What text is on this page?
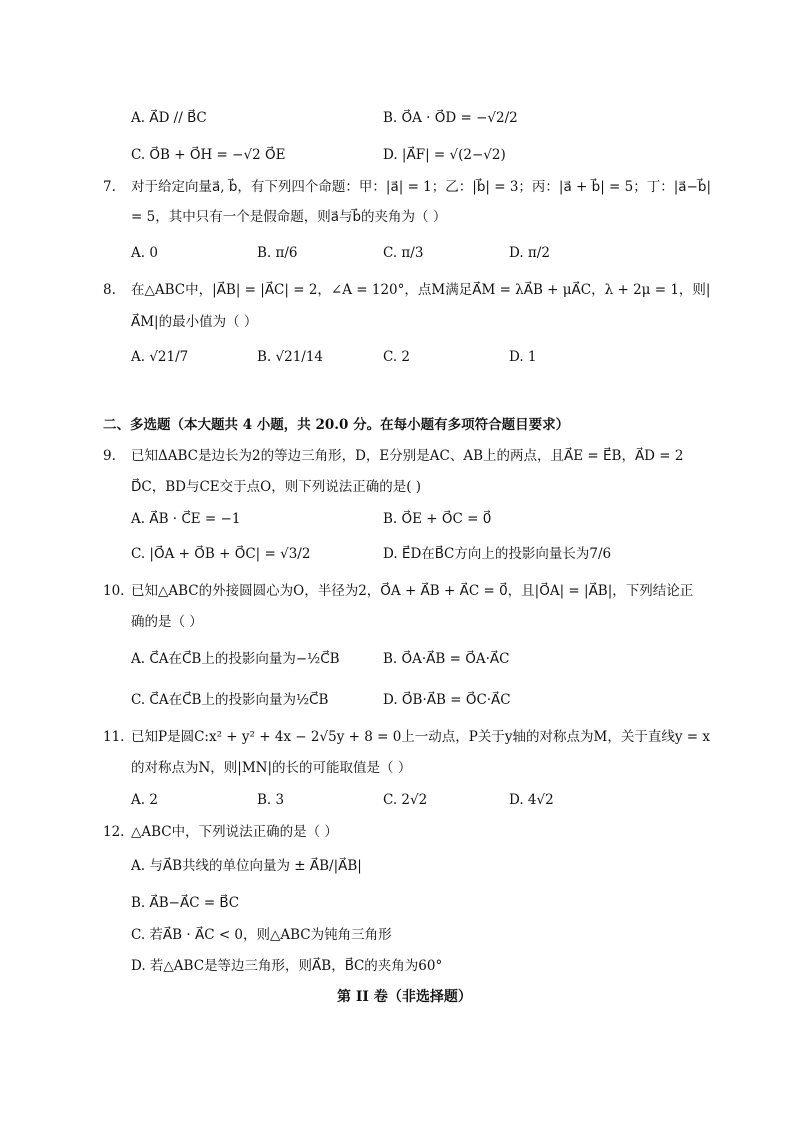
A. A⃗D // B⃗C	B. O⃗A · O⃗D = −√2/2
C. O⃗B + O⃗H = −√2 O⃗E	D. |A⃗F| = √(2−√2)
7. 对于给定向量a⃗, b⃗，有下列四个命题：甲：|a⃗| = 1；乙：|b⃗| = 3；丙：|a⃗ + b⃗| = 5；丁：|a⃗−b⃗|
= 5，其中只有一个是假命题，则a⃗与b⃗的夹角为（ ）
A. 0	B. π/6	C. π/3	D. π/2
8. 在△ABC中，|A⃗B| = |A⃗C| = 2，∠A = 120°，点M满足A⃗M = λA⃗B + μA⃗C，λ + 2μ = 1，则|
A⃗M|的最小值为（ ）
A. √21/7	B. √21/14	C. 2	D. 1
二、多选题（本大题共 4 小题，共 20.0 分。在每小题有多项符合题目要求）
9. 已知ΔABC是边长为2的等边三角形，D，E分别是AC、AB上的两点，且A⃗E = E⃗B，A⃗D = 2
D⃗C，BD与CE交于点O，则下列说法正确的是( )
A. A⃗B · C⃗E = −1	B. O⃗E + O⃗C = 0⃗
C. |O⃗A + O⃗B + O⃗C| = √3/2	D. E⃗D在B⃗C方向上的投影向量长为7/6
10. 已知△ABC的外接圆圆心为O，半径为2，O⃗A + A⃗B + A⃗C = 0⃗，且|O⃗A| = |A⃗B|，下列结论正
确的是（ ）
A. C⃗A在C⃗B上的投影向量为−½C⃗B	B. O⃗A·A⃗B = O⃗A·A⃗C
C. C⃗A在C⃗B上的投影向量为½C⃗B	D. O⃗B·A⃗B = O⃗C·A⃗C
11. 已知P是圆C:x² + y² + 4x − 2√5y + 8 = 0上一动点，P关于y轴的对称点为M，关于直线y = x
的对称点为N，则|MN|的长的可能取值是（ ）
A. 2	B. 3	C. 2√2	D. 4√2
12. △ABC中，下列说法正确的是（ ）
A. 与A⃗B共线的单位向量为 ± A⃗B/|A⃗B|
B. A⃗B−A⃗C = B⃗C
C. 若A⃗B · A⃗C < 0，则△ABC为钝角三角形
D. 若△ABC是等边三角形，则A⃗B，B⃗C的夹角为60°
第 II 卷（非选择题）
